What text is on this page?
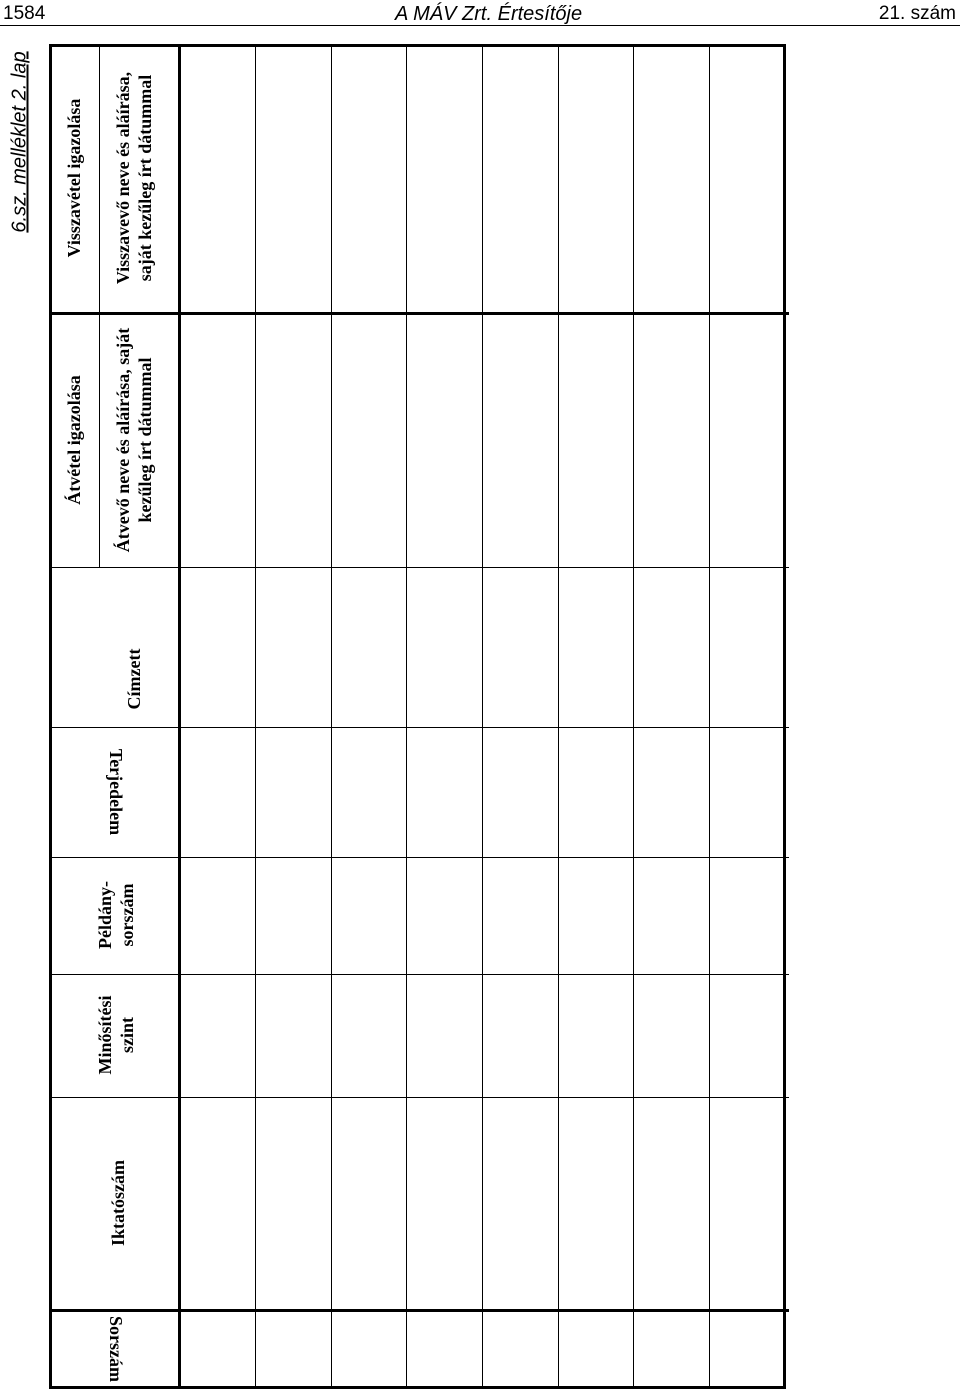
1584	A MÁV Zrt. Értesítője	21. szám
6.sz. melléklet 2. lap
Sorszám
Iktatószám
Minősítési szint
Példány- sorszám
Terjedelem
Címzett
Átvétel igazolása Átvevő neve és aláírása, saját kezűleg írt dátummal
Visszavétel igazolása Visszavevő neve és aláírása, saját kezűleg írt dátummal
